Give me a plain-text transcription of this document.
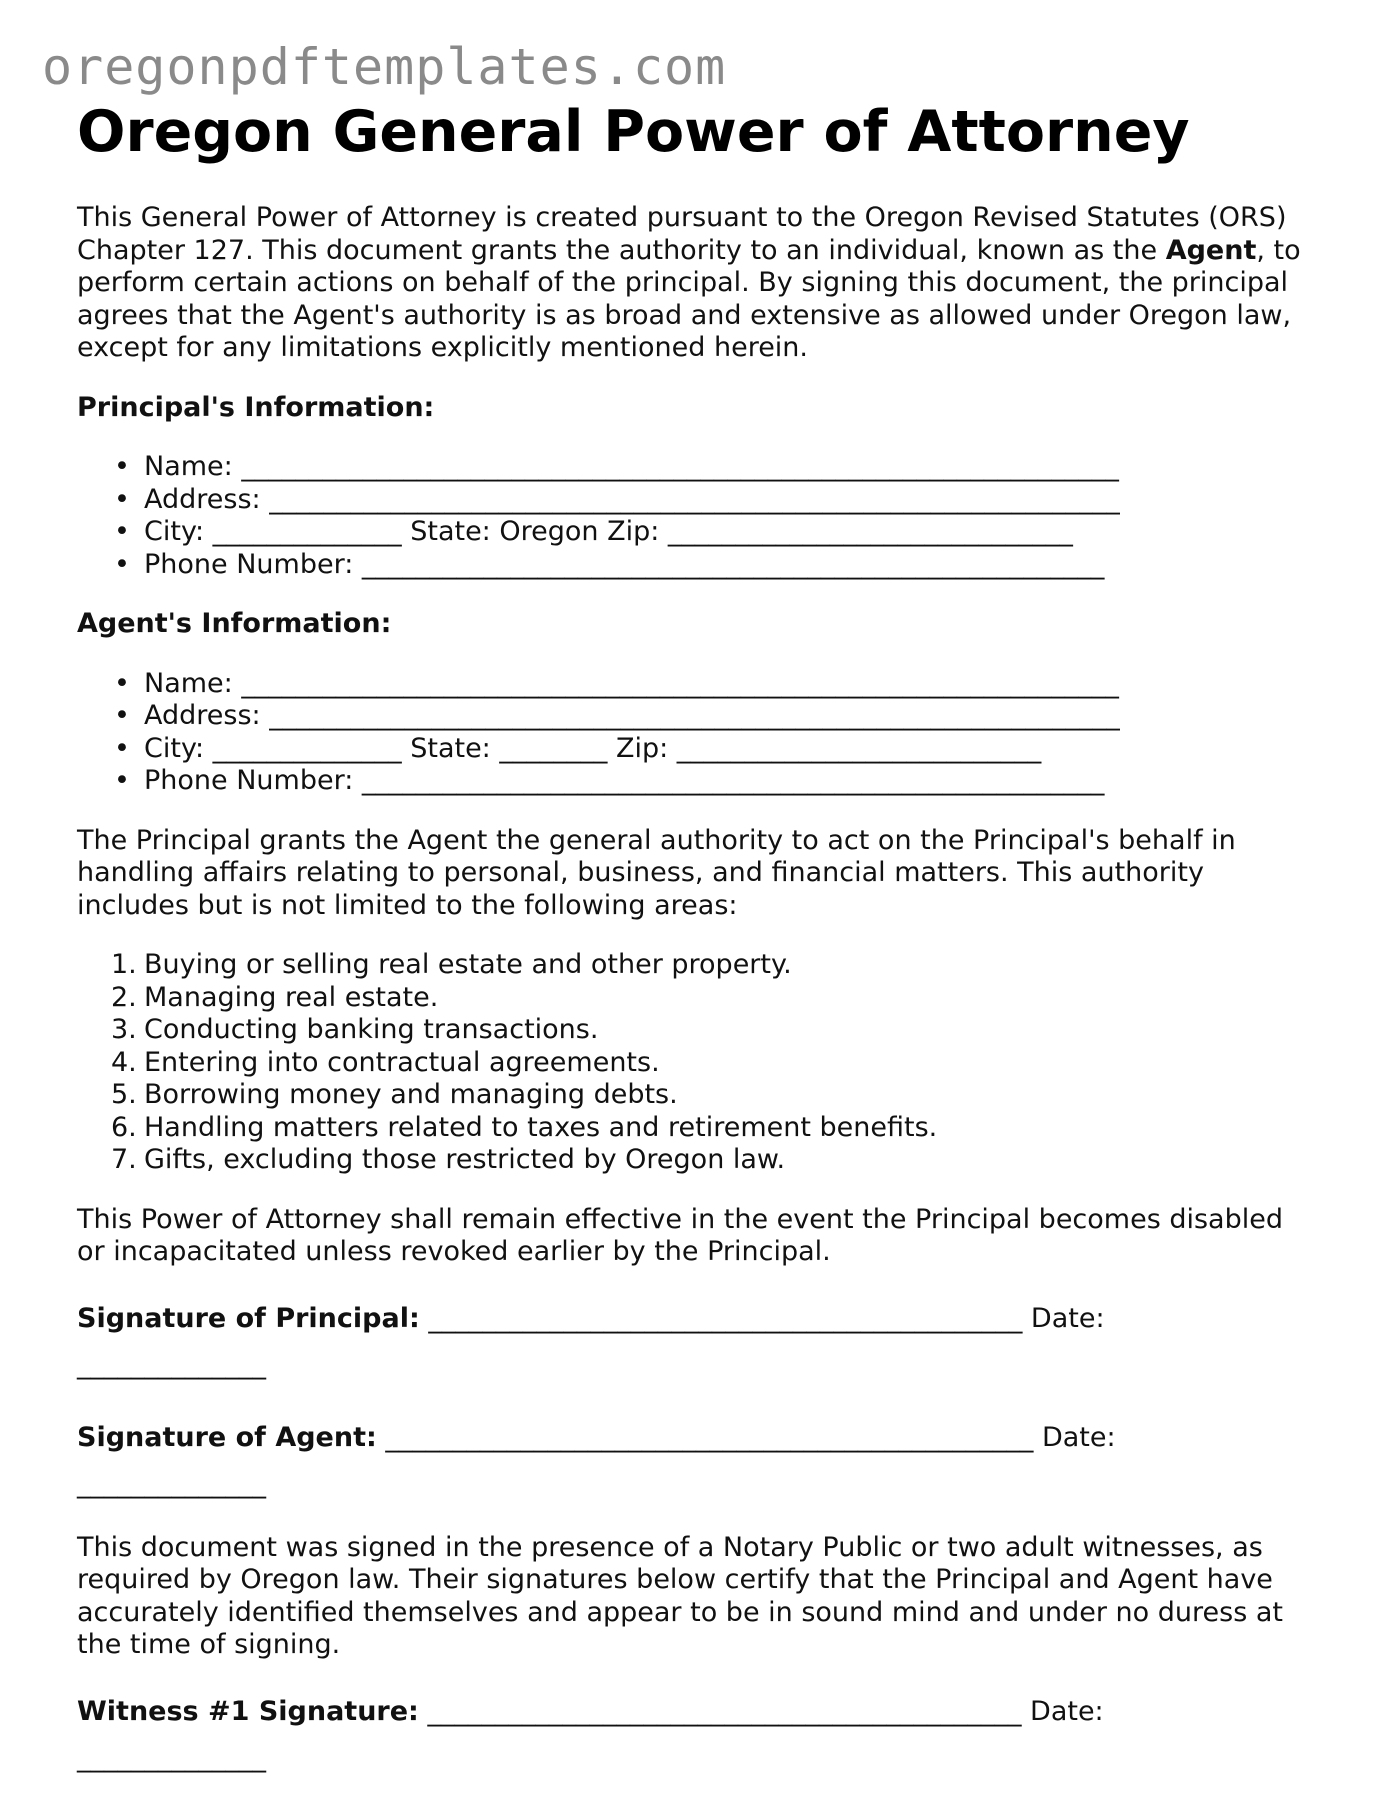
oregonpdftemplates.com
Oregon General Power of Attorney

This General Power of Attorney is created pursuant to the Oregon Revised Statutes (ORS)
Chapter 127. This document grants the authority to an individual, known as the Agent, to
perform certain actions on behalf of the principal. By signing this document, the principal
agrees that the Agent's authority is as broad and extensive as allowed under Oregon law,
except for any limitations explicitly mentioned herein.

Principal's Information:

• Name: _________________________________________________________________
• Address: _______________________________________________________________
• City: ______________ State: Oregon Zip: ______________________________
• Phone Number: _______________________________________________________

Agent's Information:

• Name: _________________________________________________________________
• Address: _______________________________________________________________
• City: ______________ State: ________ Zip: ___________________________
• Phone Number: _______________________________________________________

The Principal grants the Agent the general authority to act on the Principal's behalf in
handling affairs relating to personal, business, and financial matters. This authority
includes but is not limited to the following areas:

1. Buying or selling real estate and other property.
2. Managing real estate.
3. Conducting banking transactions.
4. Entering into contractual agreements.
5. Borrowing money and managing debts.
6. Handling matters related to taxes and retirement benefits.
7. Gifts, excluding those restricted by Oregon law.

This Power of Attorney shall remain effective in the event the Principal becomes disabled
or incapacitated unless revoked earlier by the Principal.

Signature of Principal: ____________________________________________ Date:
______________
Signature of Agent: ________________________________________________ Date:
______________

This document was signed in the presence of a Notary Public or two adult witnesses, as
required by Oregon law. Their signatures below certify that the Principal and Agent have
accurately identified themselves and appear to be in sound mind and under no duress at
the time of signing.

Witness #1 Signature: ____________________________________________ Date:
______________
